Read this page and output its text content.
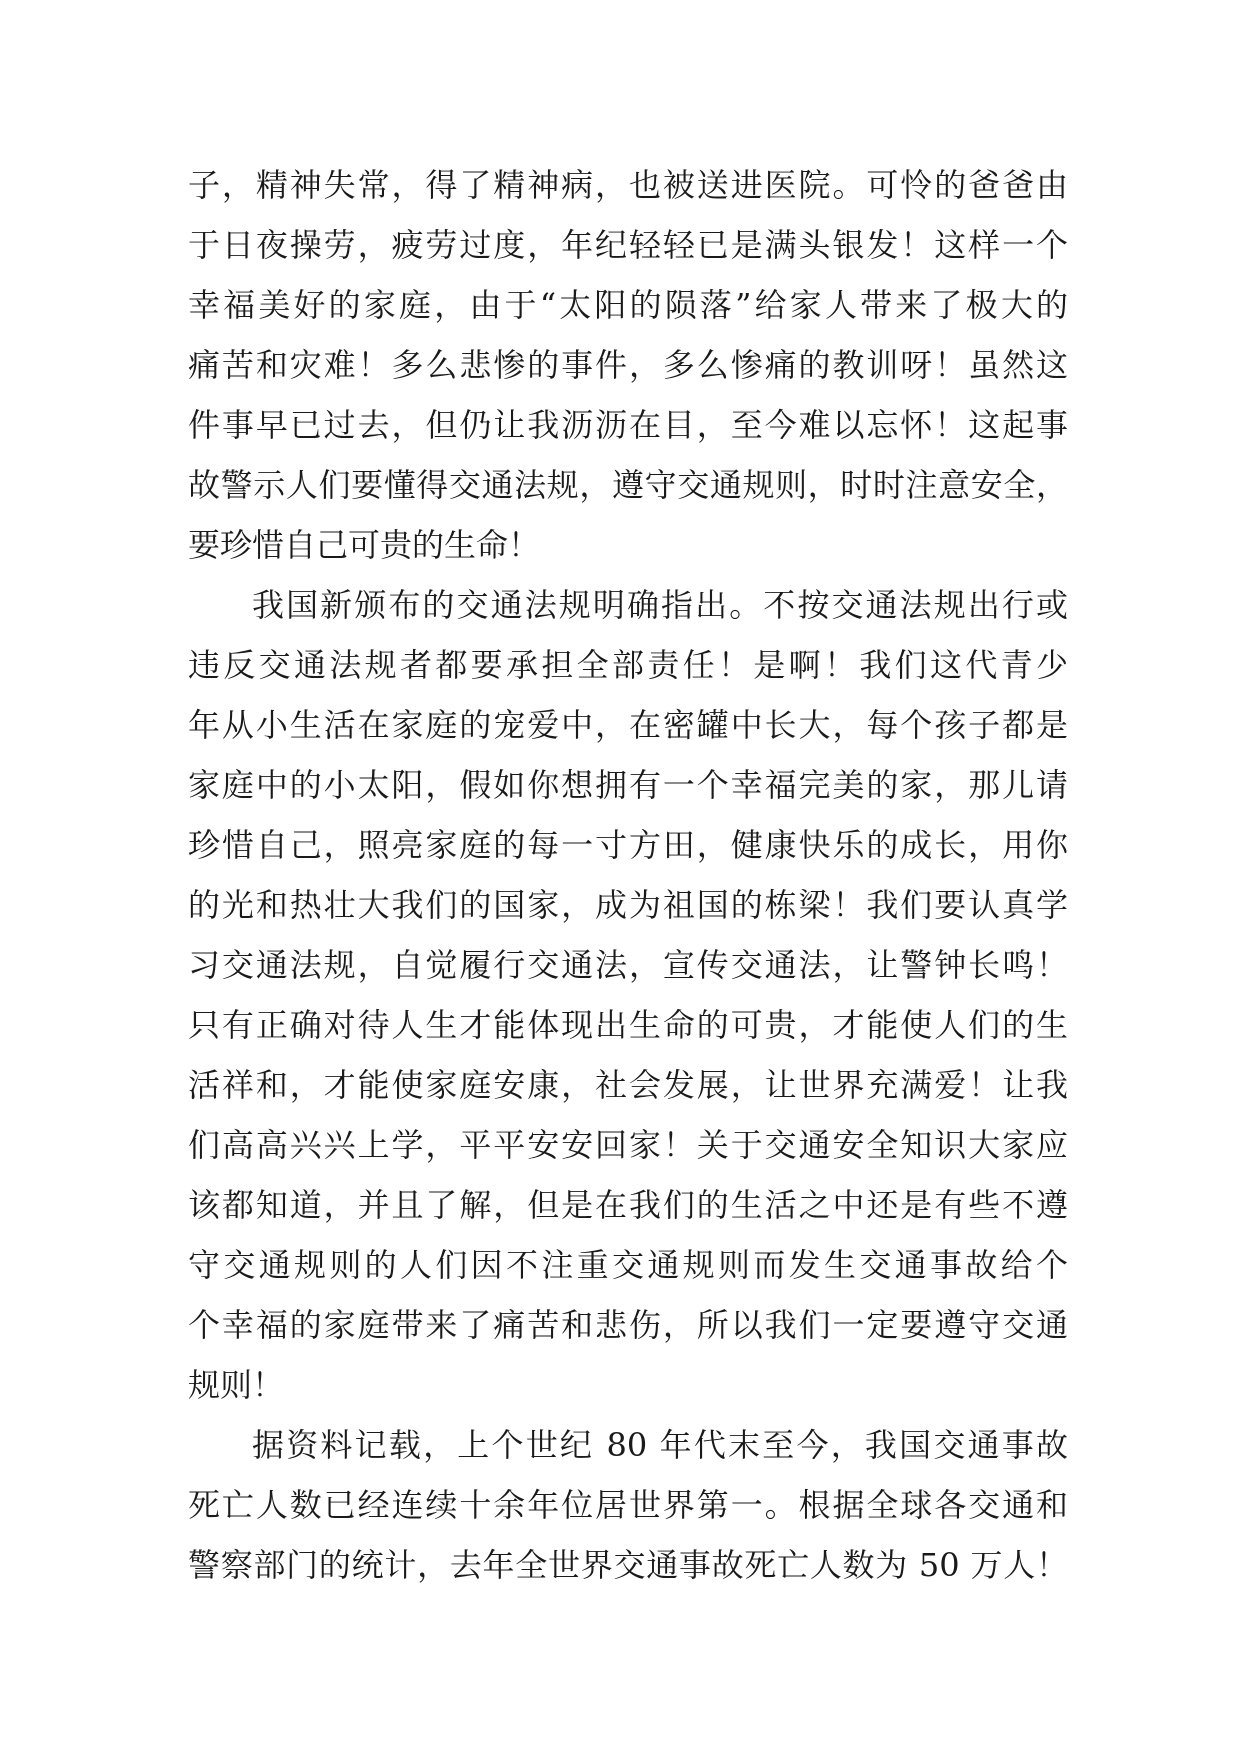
子，精神失常，得了精神病，也被送进医院。可怜的爸爸由
于日夜操劳，疲劳过度，年纪轻轻已是满头银发！这样一个
幸福美好的家庭，由于“太阳的陨落”给家人带来了极大的
痛苦和灾难！多么悲惨的事件，多么惨痛的教训呀！虽然这
件事早已过去，但仍让我沥沥在目，至今难以忘怀！这起事
故警示人们要懂得交通法规，遵守交通规则，时时注意安全，
要珍惜自己可贵的生命！
我国新颁布的交通法规明确指出。不按交通法规出行或
违反交通法规者都要承担全部责任！是啊！我们这代青少
年从小生活在家庭的宠爱中，在密罐中长大，每个孩子都是
家庭中的小太阳，假如你想拥有一个幸福完美的家，那儿请
珍惜自己，照亮家庭的每一寸方田，健康快乐的成长，用你
的光和热壮大我们的国家，成为祖国的栋梁！我们要认真学
习交通法规，自觉履行交通法，宣传交通法，让警钟长鸣！
只有正确对待人生才能体现出生命的可贵，才能使人们的生
活祥和，才能使家庭安康，社会发展，让世界充满爱！让我
们高高兴兴上学，平平安安回家！关于交通安全知识大家应
该都知道，并且了解，但是在我们的生活之中还是有些不遵
守交通规则的人们因不注重交通规则而发生交通事故给个
个幸福的家庭带来了痛苦和悲伤，所以我们一定要遵守交通
规则！
据资料记载，上个世纪 80 年代末至今，我国交通事故
死亡人数已经连续十余年位居世界第一。根据全球各交通和
警察部门的统计，去年全世界交通事故死亡人数为 50 万人！
